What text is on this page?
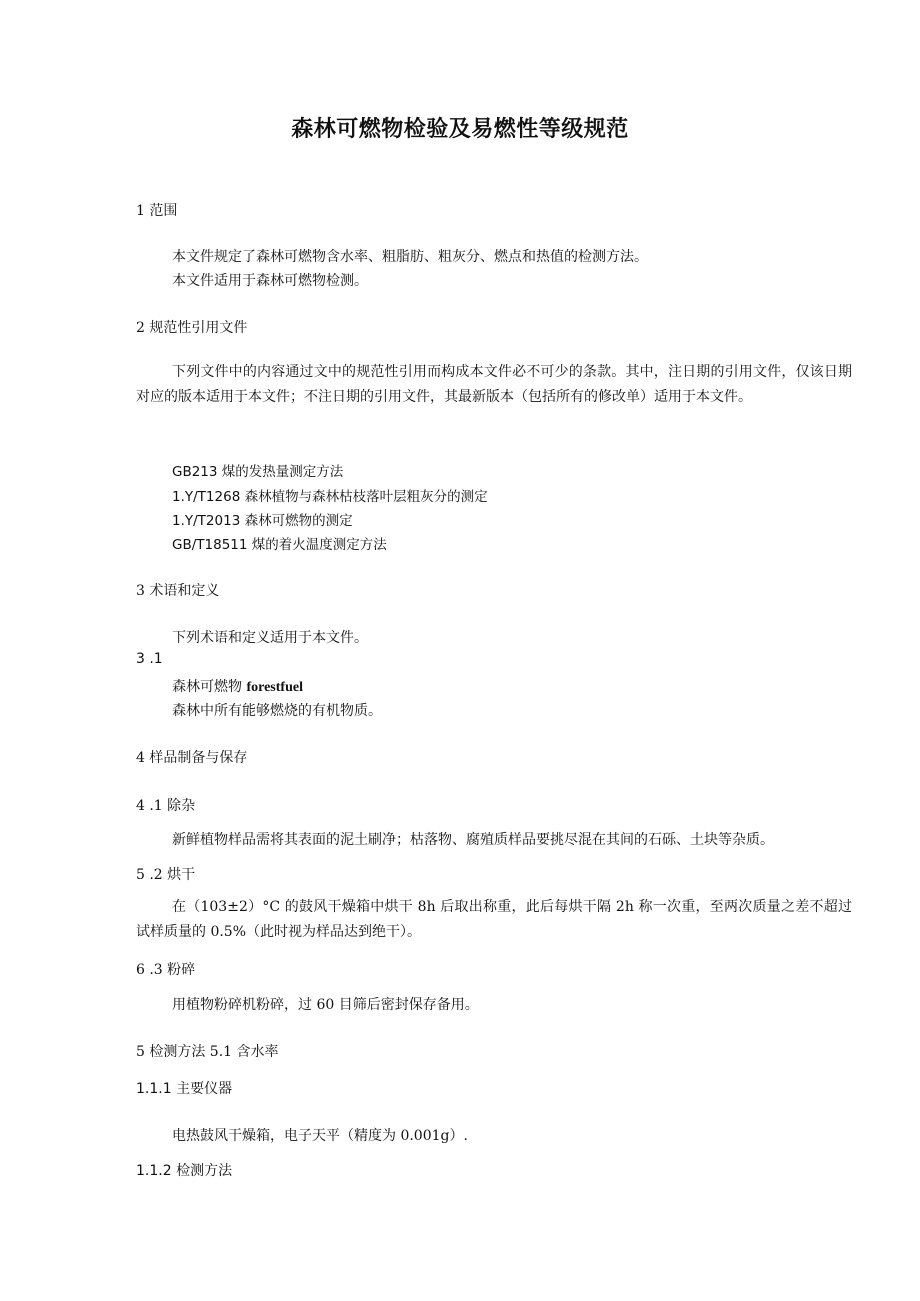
森林可燃物检验及易燃性等级规范
1 范围
本文件规定了森林可燃物含水率、粗脂肪、粗灰分、燃点和热值的检测方法。
本文件适用于森林可燃物检测。
2 规范性引用文件
下列文件中的内容通过文中的规范性引用而构成本文件必不可少的条款。其中，注日期的引用文件，仅该日期对应的版本适用于本文件；不注日期的引用文件，其最新版本（包括所有的修改单）适用于本文件。
GB213 煤的发热量测定方法
1.Y/T1268 森林植物与森林枯枝落叶层粗灰分的测定
1.Y/T2013 森林可燃物的测定
GB/T18511 煤的着火温度测定方法
3 术语和定义
下列术语和定义适用于本文件。
3 .1
森林可燃物 forestfuel
森林中所有能够燃烧的有机物质。
4 样品制备与保存
4 .1 除杂
新鲜植物样品需将其表面的泥土刷净；枯落物、腐殖质样品要挑尽混在其间的石砾、土块等杂质。
5 .2 烘干
在（103±2）°C 的鼓风干燥箱中烘干 8h 后取出称重，此后每烘干隔 2h 称一次重，至两次质量之差不超过试样质量的 0.5%（此时视为样品达到绝干）。
6 .3 粉碎
用植物粉碎机粉碎，过 60 目筛后密封保存备用。
5 检测方法 5.1 含水率
1.1.1 主要仪器
电热鼓风干燥箱，电子天平（精度为 0.001g）.
1.1.2 检测方法
